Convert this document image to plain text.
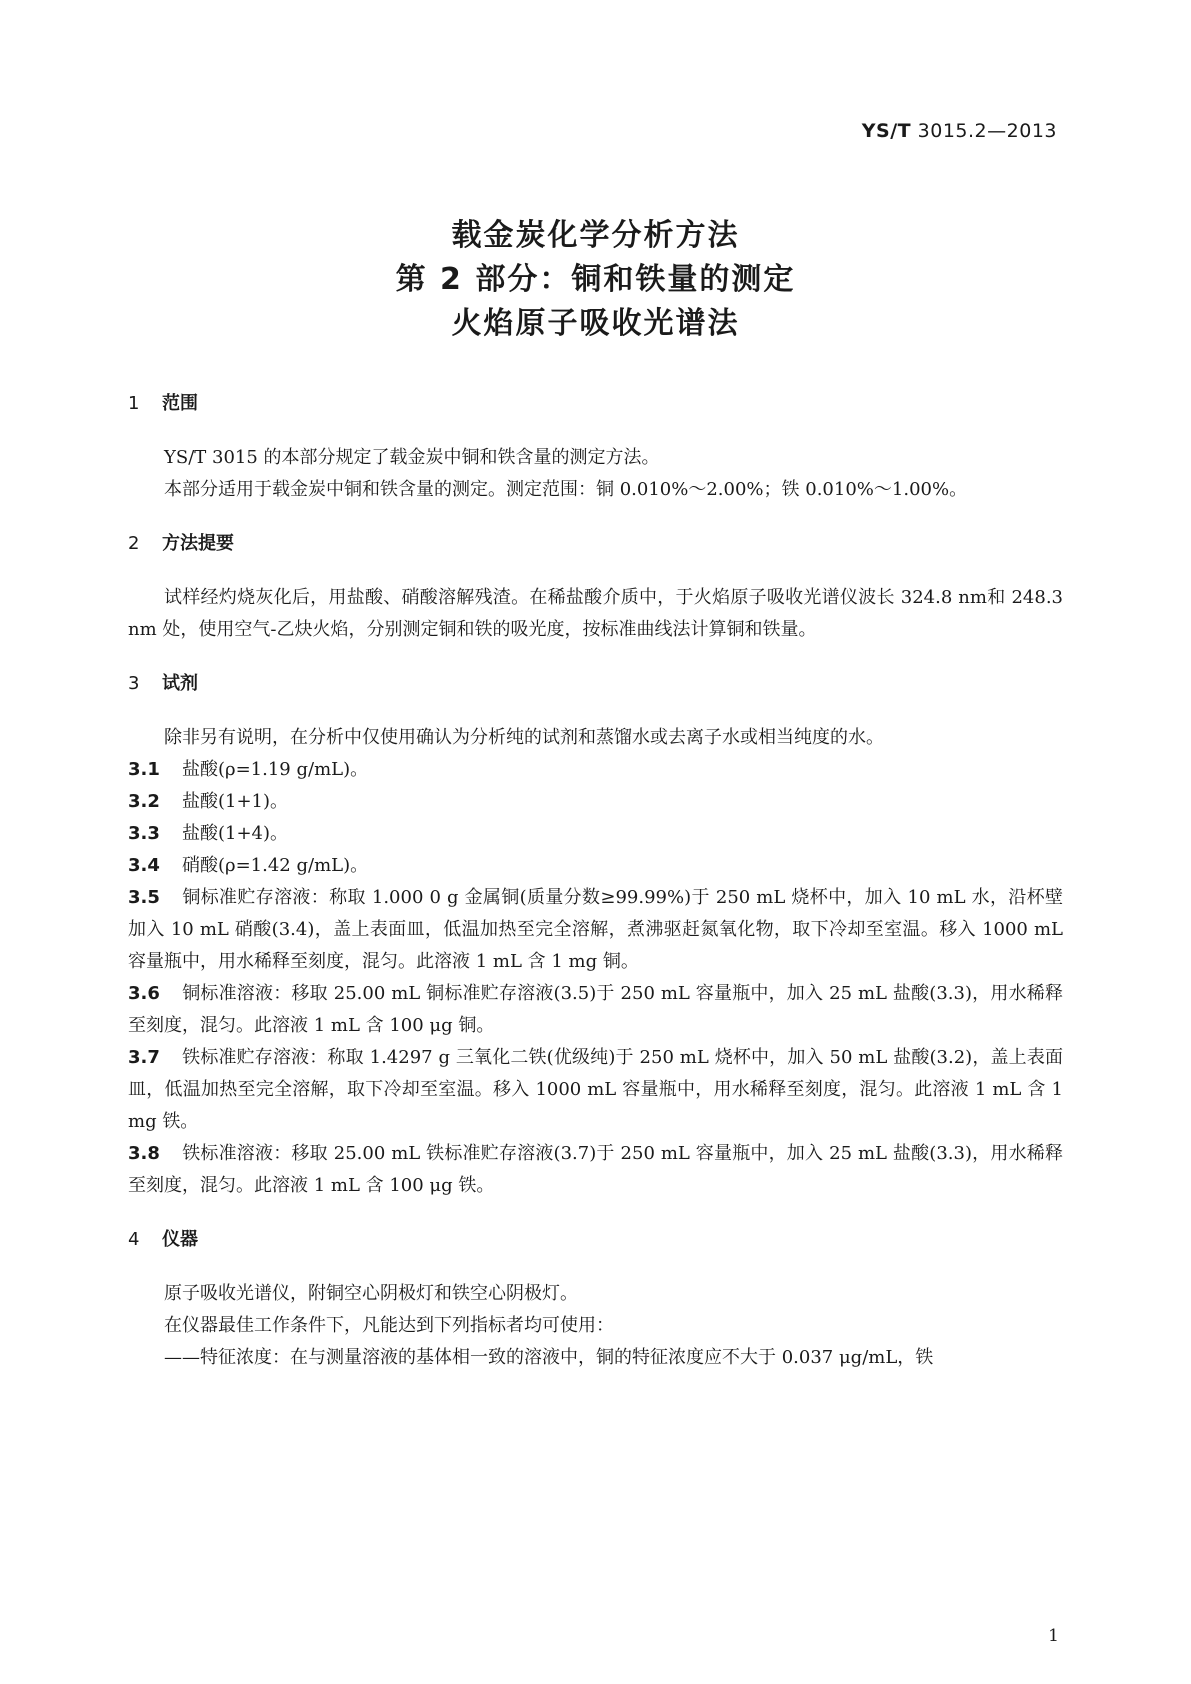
YS/T 3015.2—2013
载金炭化学分析方法
第 2 部分：铜和铁量的测定
火焰原子吸收光谱法
1 范围

YS/T 3015 的本部分规定了载金炭中铜和铁含量的测定方法。

本部分适用于载金炭中铜和铁含量的测定。测定范围：铜 0.010%～2.00%；铁 0.010%～1.00%。

2 方法提要

试样经灼烧灰化后，用盐酸、硝酸溶解残渣。在稀盐酸介质中，于火焰原子吸收光谱仪波长 324.8 nm和 248.3 nm 处，使用空气-乙炔火焰，分别测定铜和铁的吸光度，按标准曲线法计算铜和铁量。

3 试剂

除非另有说明，在分析中仅使用确认为分析纯的试剂和蒸馏水或去离子水或相当纯度的水。

3.1 盐酸(ρ=1.19 g/mL)。

3.2 盐酸(1+1)。

3.3 盐酸(1+4)。

3.4 硝酸(ρ=1.42 g/mL)。

3.5 铜标准贮存溶液：称取 1.000 0 g 金属铜(质量分数≥99.99%)于 250 mL 烧杯中，加入 10 mL 水，沿杯壁加入 10 mL 硝酸(3.4)，盖上表面皿，低温加热至完全溶解，煮沸驱赶氮氧化物，取下冷却至室温。移入 1000 mL 容量瓶中，用水稀释至刻度，混匀。此溶液 1 mL 含 1 mg 铜。

3.6 铜标准溶液：移取 25.00 mL 铜标准贮存溶液(3.5)于 250 mL 容量瓶中，加入 25 mL 盐酸(3.3)，用水稀释至刻度，混匀。此溶液 1 mL 含 100 μg 铜。

3.7 铁标准贮存溶液：称取 1.4297 g 三氧化二铁(优级纯)于 250 mL 烧杯中，加入 50 mL 盐酸(3.2)，盖上表面皿，低温加热至完全溶解，取下冷却至室温。移入 1000 mL 容量瓶中，用水稀释至刻度，混匀。此溶液 1 mL 含 1 mg 铁。

3.8 铁标准溶液：移取 25.00 mL 铁标准贮存溶液(3.7)于 250 mL 容量瓶中，加入 25 mL 盐酸(3.3)，用水稀释至刻度，混匀。此溶液 1 mL 含 100 μg 铁。

4 仪器

原子吸收光谱仪，附铜空心阴极灯和铁空心阴极灯。

在仪器最佳工作条件下，凡能达到下列指标者均可使用：

——特征浓度：在与测量溶液的基体相一致的溶液中，铜的特征浓度应不大于 0.037 μg/mL，铁

1
